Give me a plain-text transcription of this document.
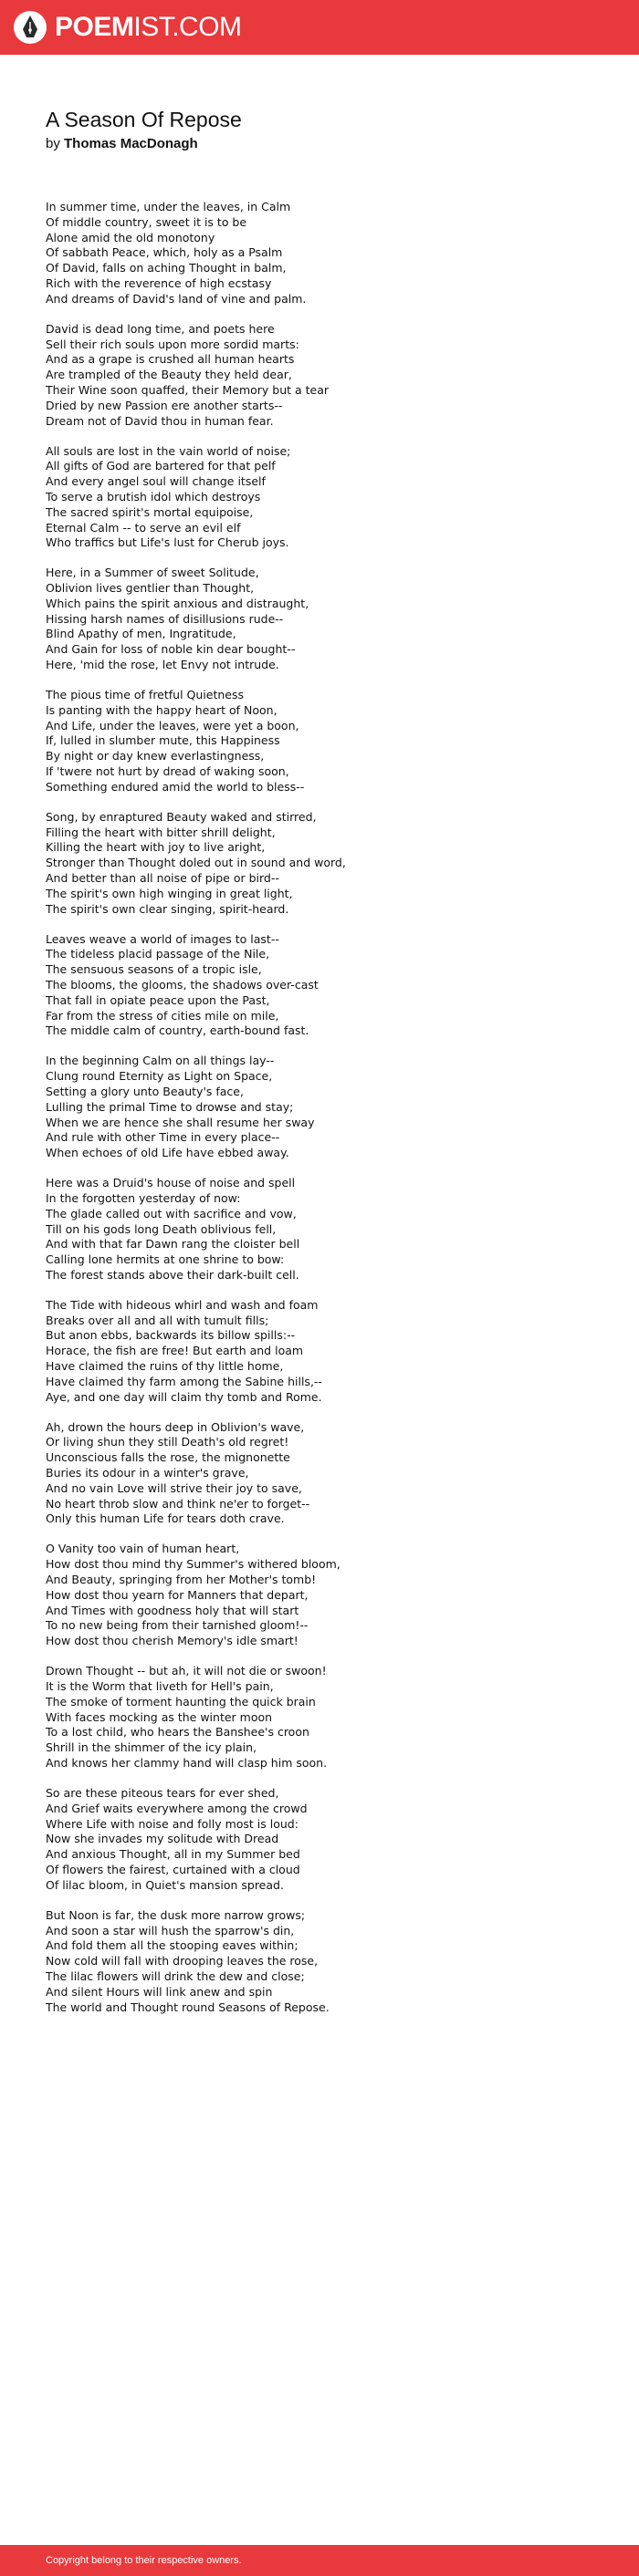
POEMIST.COM
A Season Of Repose
by Thomas MacDonagh
In summer time, under the leaves, in Calm
Of middle country, sweet it is to be
Alone amid the old monotony
Of sabbath Peace, which, holy as a Psalm
Of David, falls on aching Thought in balm,
Rich with the reverence of high ecstasy
And dreams of David's land of vine and palm.
David is dead long time, and poets here
Sell their rich souls upon more sordid marts:
And as a grape is crushed all human hearts
Are trampled of the Beauty they held dear,
Their Wine soon quaffed, their Memory but a tear
Dried by new Passion ere another starts--
Dream not of David thou in human fear.
All souls are lost in the vain world of noise;
All gifts of God are bartered for that pelf
And every angel soul will change itself
To serve a brutish idol which destroys
The sacred spirit's mortal equipoise,
Eternal Calm -- to serve an evil elf
Who traffics but Life's lust for Cherub joys.
Here, in a Summer of sweet Solitude,
Oblivion lives gentlier than Thought,
Which pains the spirit anxious and distraught,
Hissing harsh names of disillusions rude--
Blind Apathy of men, Ingratitude,
And Gain for loss of noble kin dear bought--
Here, 'mid the rose, let Envy not intrude.
The pious time of fretful Quietness
Is panting with the happy heart of Noon,
And Life, under the leaves, were yet a boon,
If, lulled in slumber mute, this Happiness
By night or day knew everlastingness,
If 'twere not hurt by dread of waking soon,
Something endured amid the world to bless--
Song, by enraptured Beauty waked and stirred,
Filling the heart with bitter shrill delight,
Killing the heart with joy to live aright,
Stronger than Thought doled out in sound and word,
And better than all noise of pipe or bird--
The spirit's own high winging in great light,
The spirit's own clear singing, spirit-heard.
Leaves weave a world of images to last--
The tideless placid passage of the Nile,
The sensuous seasons of a tropic isle,
The blooms, the glooms, the shadows over-cast
That fall in opiate peace upon the Past,
Far from the stress of cities mile on mile,
The middle calm of country, earth-bound fast.
In the beginning Calm on all things lay--
Clung round Eternity as Light on Space,
Setting a glory unto Beauty's face,
Lulling the primal Time to drowse and stay;
When we are hence she shall resume her sway
And rule with other Time in every place--
When echoes of old Life have ebbed away.
Here was a Druid's house of noise and spell
In the forgotten yesterday of now:
The glade called out with sacrifice and vow,
Till on his gods long Death oblivious fell,
And with that far Dawn rang the cloister bell
Calling lone hermits at one shrine to bow:
The forest stands above their dark-built cell.
The Tide with hideous whirl and wash and foam
Breaks over all and all with tumult fills;
But anon ebbs, backwards its billow spills:--
Horace, the fish are free! But earth and loam
Have claimed the ruins of thy little home,
Have claimed thy farm among the Sabine hills,--
Aye, and one day will claim thy tomb and Rome.
Ah, drown the hours deep in Oblivion's wave,
Or living shun they still Death's old regret!
Unconscious falls the rose, the mignonette
Buries its odour in a winter's grave,
And no vain Love will strive their joy to save,
No heart throb slow and think ne'er to forget--
Only this human Life for tears doth crave.
O Vanity too vain of human heart,
How dost thou mind thy Summer's withered bloom,
And Beauty, springing from her Mother's tomb!
How dost thou yearn for Manners that depart,
And Times with goodness holy that will start
To no new being from their tarnished gloom!--
How dost thou cherish Memory's idle smart!
Drown Thought -- but ah, it will not die or swoon!
It is the Worm that liveth for Hell's pain,
The smoke of torment haunting the quick brain
With faces mocking as the winter moon
To a lost child, who hears the Banshee's croon
Shrill in the shimmer of the icy plain,
And knows her clammy hand will clasp him soon.
So are these piteous tears for ever shed,
And Grief waits everywhere among the crowd
Where Life with noise and folly most is loud:
Now she invades my solitude with Dread
And anxious Thought, all in my Summer bed
Of flowers the fairest, curtained with a cloud
Of lilac bloom, in Quiet's mansion spread.
But Noon is far, the dusk more narrow grows;
And soon a star will hush the sparrow's din,
And fold them all the stooping eaves within;
Now cold will fall with drooping leaves the rose,
The lilac flowers will drink the dew and close;
And silent Hours will link anew and spin
The world and Thought round Seasons of Repose.
Copyright belong to their respective owners.
